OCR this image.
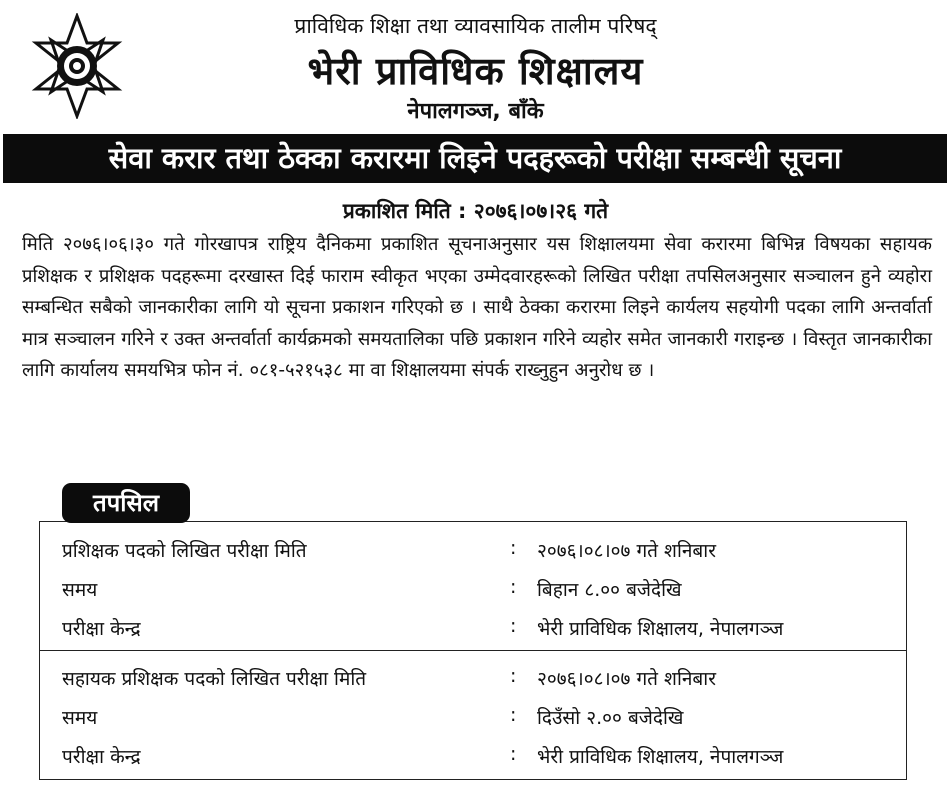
प्राविधिक शिक्षा तथा व्यावसायिक तालीम परिषद्
भेरी प्राविधिक शिक्षालय
नेपालगञ्ज, बाँके
सेवा करार तथा ठेक्का करारमा लिइने पदहरूको परीक्षा सम्बन्धी सूचना
प्रकाशित मिति : २०७६।०७।२६ गते
मिति २०७६।०६।३० गते गोरखापत्र राष्ट्रिय दैनिकमा प्रकाशित सूचनाअनुसार यस शिक्षालयमा सेवा करारमा बिभिन्न विषयका सहायक प्रशिक्षक र प्रशिक्षक पदहरूमा दरखास्त दिई फाराम स्वीकृत भएका उम्मेदवारहरूको लिखित परीक्षा तपसिलअनुसार सञ्चालन हुने व्यहोरा सम्बन्धित सबैको जानकारीका लागि यो सूचना प्रकाशन गरिएको छ । साथै ठेक्का करारमा लिइने कार्यलय सहयोगी पदका लागि अन्तर्वार्ता मात्र सञ्चालन गरिने र उक्त अन्तर्वार्ता कार्यक्रमको समयतालिका पछि प्रकाशन गरिने व्यहोर समेत जानकारी गराइन्छ । विस्तृत जानकारीका लागि कार्यालय समयभित्र फोन नं. ०८१-५२१५३८ मा वा शिक्षालयमा संपर्क राख्नुहुन अनुरोध छ ।
तपसिल
प्रशिक्षक पदको लिखित परीक्षा मिति	: २०७६।०८।०७ गते शनिबार
समय	: बिहान ८.०० बजेदेखि
परीक्षा केन्द्र	: भेरी प्राविधिक शिक्षालय, नेपालगञ्ज
सहायक प्रशिक्षक पदको लिखित परीक्षा मिति	: २०७६।०८।०७ गते शनिबार
समय	: दिउँसो २.०० बजेदेखि
परीक्षा केन्द्र	: भेरी प्राविधिक शिक्षालय, नेपालगञ्ज
